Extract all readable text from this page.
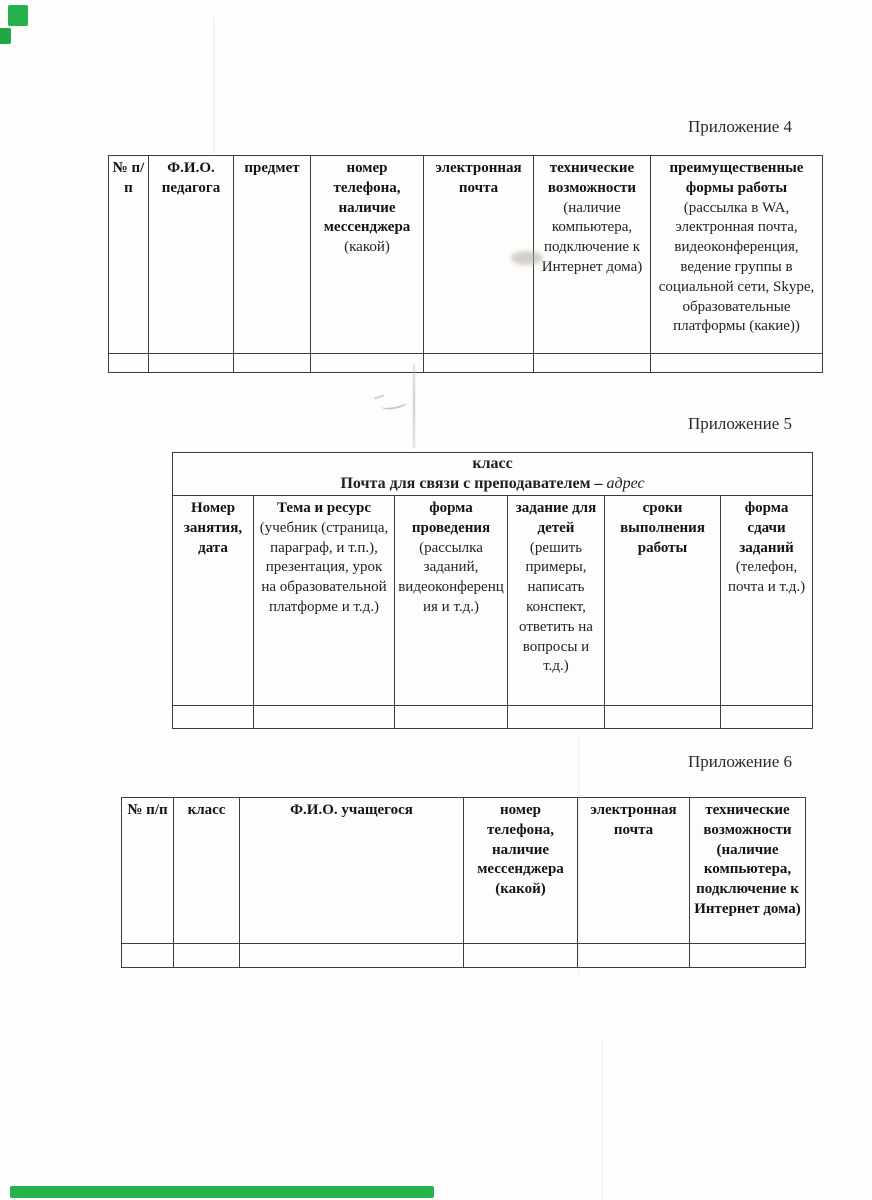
Приложение 4
№ п/п	Ф.И.О. педагога	предмет	номер телефона, наличие мессенджера (какой)	электронная почта	технические возможности (наличие компьютера, подключение к Интернет дома)	преимущественные формы работы (рассылка в WA, электронная почта, видеоконференция, ведение группы в социальной сети, Skype, образовательные платформы (какие))

Приложение 5
класс
Почта для связи с преподавателем – адрес					

Номер занятия, дата	Тема и ресурс (учебник (страница, параграф, и т.п.), презентация, урок на образовательной платформе и т.д.)	форма проведения (рассылка заданий, видеоконференция и т.д.)	задание для детей (решить примеры, написать конспект, ответить на вопросы и т.д.)	сроки выполнения работы	форма сдачи заданий (телефон, почта и т.д.)

Приложение 6
№ п/п	класс	Ф.И.О. учащегося	номер телефона, наличие мессенджера (какой)	электронная почта	технические возможности (наличие компьютера, подключение к Интернет дома)
